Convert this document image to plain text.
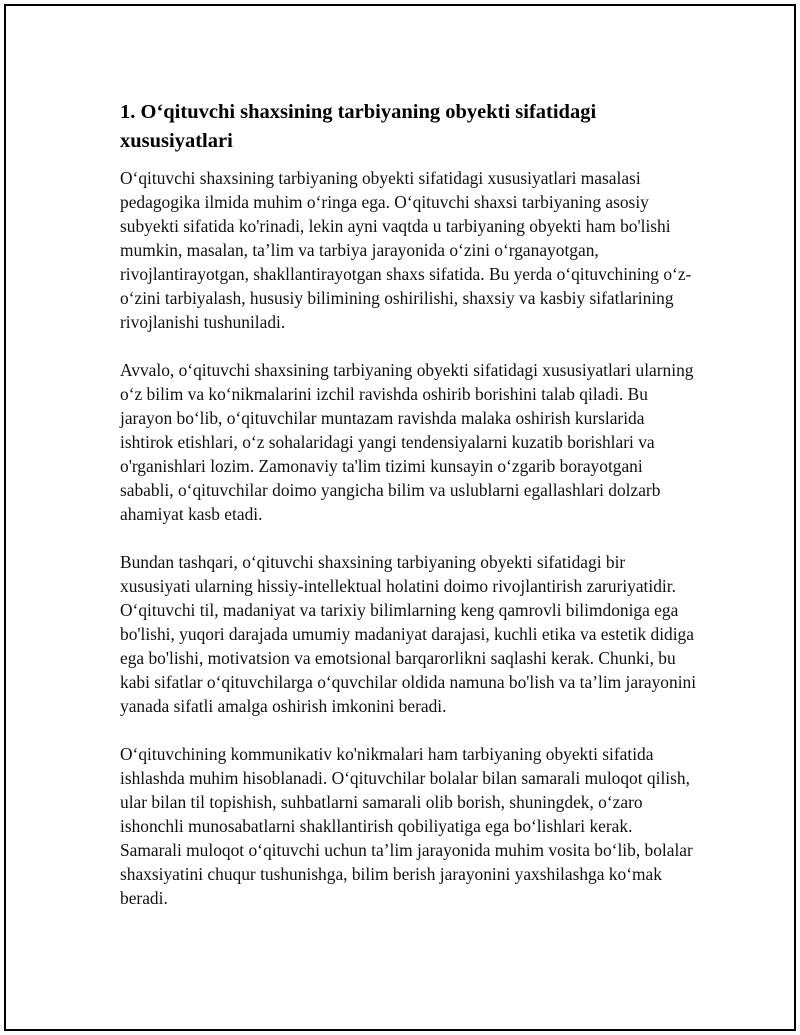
1. Oʻqituvchi shaxsining tarbiyaning obyekti sifatidagi xususiyatlari

Oʻqituvchi shaxsining tarbiyaning obyekti sifatidagi xususiyatlari masalasi pedagogika ilmida muhim oʻringa ega. Oʻqituvchi shaxsi tarbiyaning asosiy subyekti sifatida ko'rinadi, lekin ayni vaqtda u tarbiyaning obyekti ham bo'lishi mumkin, masalan, ta’lim va tarbiya jarayonida oʻzini oʻrganayotgan, rivojlantirayotgan, shakllantirayotgan shaxs sifatida. Bu yerda oʻqituvchining oʻz-oʻzini tarbiyalash, hususiy bilimining oshirilishi, shaxsiy va kasbiy sifatlarining rivojlanishi tushuniladi.

Avvalo, oʻqituvchi shaxsining tarbiyaning obyekti sifatidagi xususiyatlari ularning oʻz bilim va koʻnikmalarini izchil ravishda oshirib borishini talab qiladi. Bu jarayon boʻlib, oʻqituvchilar muntazam ravishda malaka oshirish kurslarida ishtirok etishlari, oʻz sohalaridagi yangi tendensiyalarni kuzatib borishlari va o'rganishlari lozim. Zamonaviy ta'lim tizimi kunsayin oʻzgarib borayotgani sababli, oʻqituvchilar doimo yangicha bilim va uslublarni egallashlari dolzarb ahamiyat kasb etadi.

Bundan tashqari, oʻqituvchi shaxsining tarbiyaning obyekti sifatidagi bir xususiyati ularning hissiy-intellektual holatini doimo rivojlantirish zaruriyatidir. Oʻqituvchi til, madaniyat va tarixiy bilimlarning keng qamrovli bilimdoniga ega bo'lishi, yuqori darajada umumiy madaniyat darajasi, kuchli etika va estetik didiga ega bo'lishi, motivatsion va emotsional barqarorlikni saqlashi kerak. Chunki, bu kabi sifatlar oʻqituvchilarga oʻquvchilar oldida namuna bo'lish va ta’lim jarayonini yanada sifatli amalga oshirish imkonini beradi.

Oʻqituvchining kommunikativ ko'nikmalari ham tarbiyaning obyekti sifatida ishlashda muhim hisoblanadi. Oʻqituvchilar bolalar bilan samarali muloqot qilish, ular bilan til topishish, suhbatlarni samarali olib borish, shuningdek, oʻzaro ishonchli munosabatlarni shakllantirish qobiliyatiga ega boʻlishlari kerak. Samarali muloqot oʻqituvchi uchun ta’lim jarayonida muhim vosita boʻlib, bolalar shaxsiyatini chuqur tushunishga, bilim berish jarayonini yaxshilashga koʻmak beradi.
